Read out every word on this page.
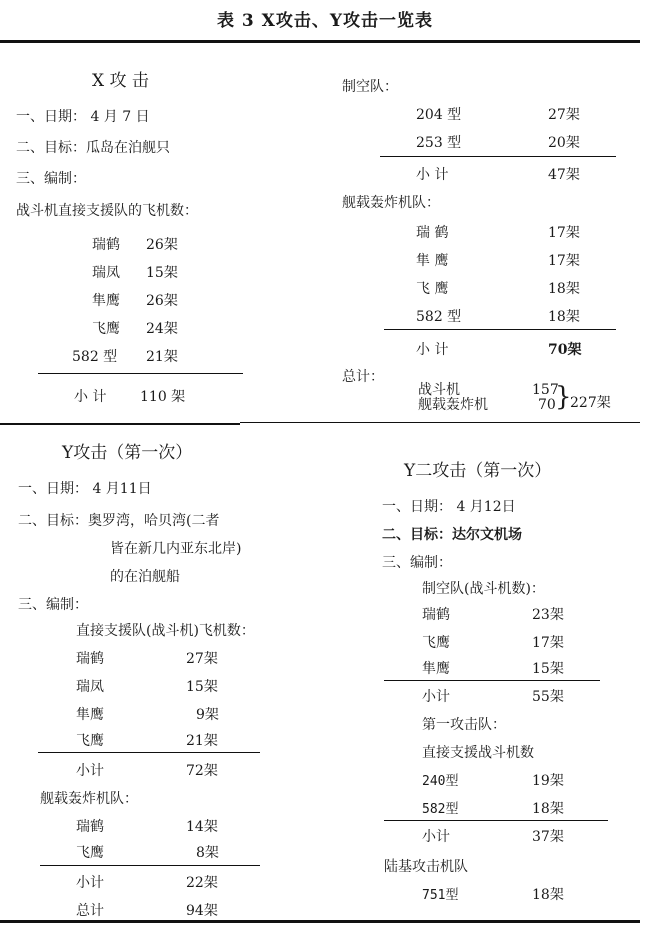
表 3 X攻击、Y攻击一览表
X 攻 击
一、日期： 4 月 7 日
二、目标：瓜岛在泊舰只
三、编制：
战斗机直接支援队的飞机数：
瑞鹤 26架
瑞凤 15架
隼鹰 26架
飞鹰 24架
582 型 21架
小 计 110 架
制空队：
204 型	27架
253 型	20架
小 计	47架
舰载轰炸机队：
瑞 鹤	17架
隼 鹰	17架
飞 鹰	18架
582 型	18架
小 计	70架
总计：
战斗机	157
舰载轰炸机	70 }
227架
Y攻击（第一次）
一、日期： 4 月11日
二、目标：奥罗湾，哈贝湾(二者
皆在新几内亚东北岸)
的在泊舰船
三、编制：
直接支援队(战斗机)飞机数：
瑞鹤	27架
瑞凤	15架
隼鹰	9架
飞鹰	21架
小计	72架
舰载轰炸机队：
瑞鹤	14架
飞鹰	8架
小计	22架
总计	94架
Y二攻击（第一次）
一、日期： 4 月12日
二、目标：达尔文机场
三、编制：
制空队(战斗机数)：
瑞鹤	23架
飞鹰	17架
隼鹰	15架
小计	55架
第一攻击队：
直接支援战斗机数
240型	19架
582型	18架
小计	37架
陆基攻击机队
751型	18架
